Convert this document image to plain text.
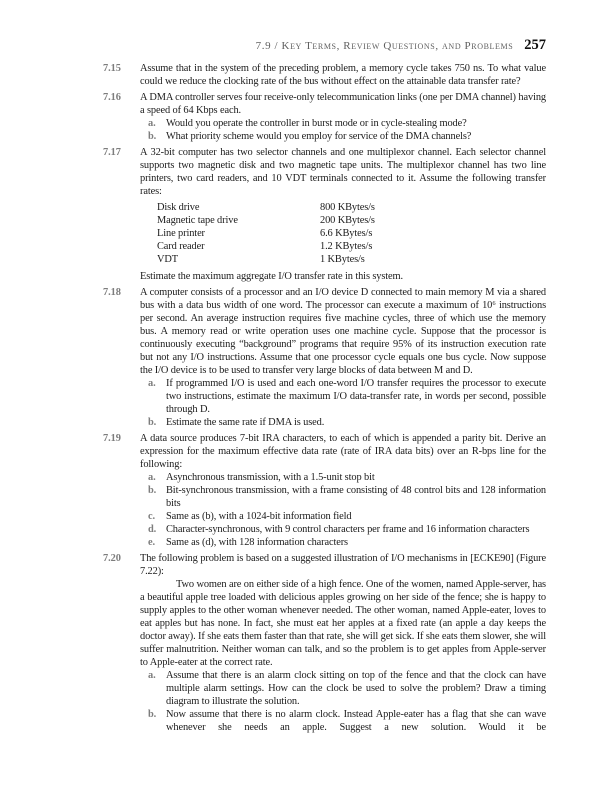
7.9 / Key Terms, Review Questions, and Problems 257
7.15	Assume that in the system of the preceding problem, a memory cycle takes 750 ns. To what value could we reduce the clocking rate of the bus without effect on the attainable data transfer rate?

7.16	A DMA controller serves four receive-only telecommunication links (one per DMA channel) having a speed of 64 Kbps each.

a.	Would you operate the controller in burst mode or in cycle-stealing mode?

b. What priority scheme would you employ for service of the DMA channels?

7.17	A 32-bit computer has two selector channels and one multiplexor channel. Each selector channel supports two magnetic disk and two magnetic tape units. The multiplexor channel has two line printers, two card readers, and 10 VDT terminals connected to it. Assume the following transfer rates:

Disk drive	800 KBytes/s
Magnetic tape drive	200 KBytes/s
Line printer	6.6 KBytes/s
Card reader	1.2 KBytes/s
VDT	1 KBytes/s

Estimate the maximum aggregate I/O transfer rate in this system.

7.18	A computer consists of a processor and an I/O device D connected to main memory M via a shared bus with a data bus width of one word. The processor can execute a maximum of 10⁶ instructions per second. An average instruction requires five machine cycles, three of which use the memory bus. A memory read or write operation uses one machine cycle. Suppose that the processor is continuously executing “background” programs that require 95% of its instruction execution rate but not any I/O instructions. Assume that one processor cycle equals one bus cycle. Now suppose the I/O device is to be used to transfer very large blocks of data between M and D.

a.	If programmed I/O is used and each one-word I/O transfer requires the processor to execute two instructions, estimate the maximum I/O data-transfer rate, in words per second, possible through D.

b. Estimate the same rate if DMA is used.

7.19	A data source produces 7-bit IRA characters, to each of which is appended a parity bit. Derive an expression for the maximum effective data rate (rate of IRA data bits) over an R-bps line for the following:

a.	Asynchronous transmission, with a 1.5-unit stop bit

b. Bit-synchronous transmission, with a frame consisting of 48 control bits and 128 information bits

c.	Same as (b), with a 1024-bit information field

d. Character-synchronous, with 9 control characters per frame and 16 information characters

e.	Same as (d), with 128 information characters

7.20	The following problem is based on a suggested illustration of I/O mechanisms in [ECKE90] (Figure 7.22):

Two women are on either side of a high fence. One of the women, named Apple-server, has a beautiful apple tree loaded with delicious apples growing on her side of the fence; she is happy to supply apples to the other woman whenever needed. The other woman, named Apple-eater, loves to eat apples but has none. In fact, she must eat her apples at a fixed rate (an apple a day keeps the doctor away). If she eats them faster than that rate, she will get sick. If she eats them slower, she will suffer malnutrition. Neither woman can talk, and so the problem is to get apples from Apple-server to Apple-eater at the correct rate.

a.	Assume that there is an alarm clock sitting on top of the fence and that the clock can have multiple alarm settings. How can the clock be used to solve the problem? Draw a timing diagram to illustrate the solution.

b. Now assume that there is no alarm clock. Instead Apple-eater has a flag that she can wave whenever she needs an apple. Suggest a new solution. Would it be
